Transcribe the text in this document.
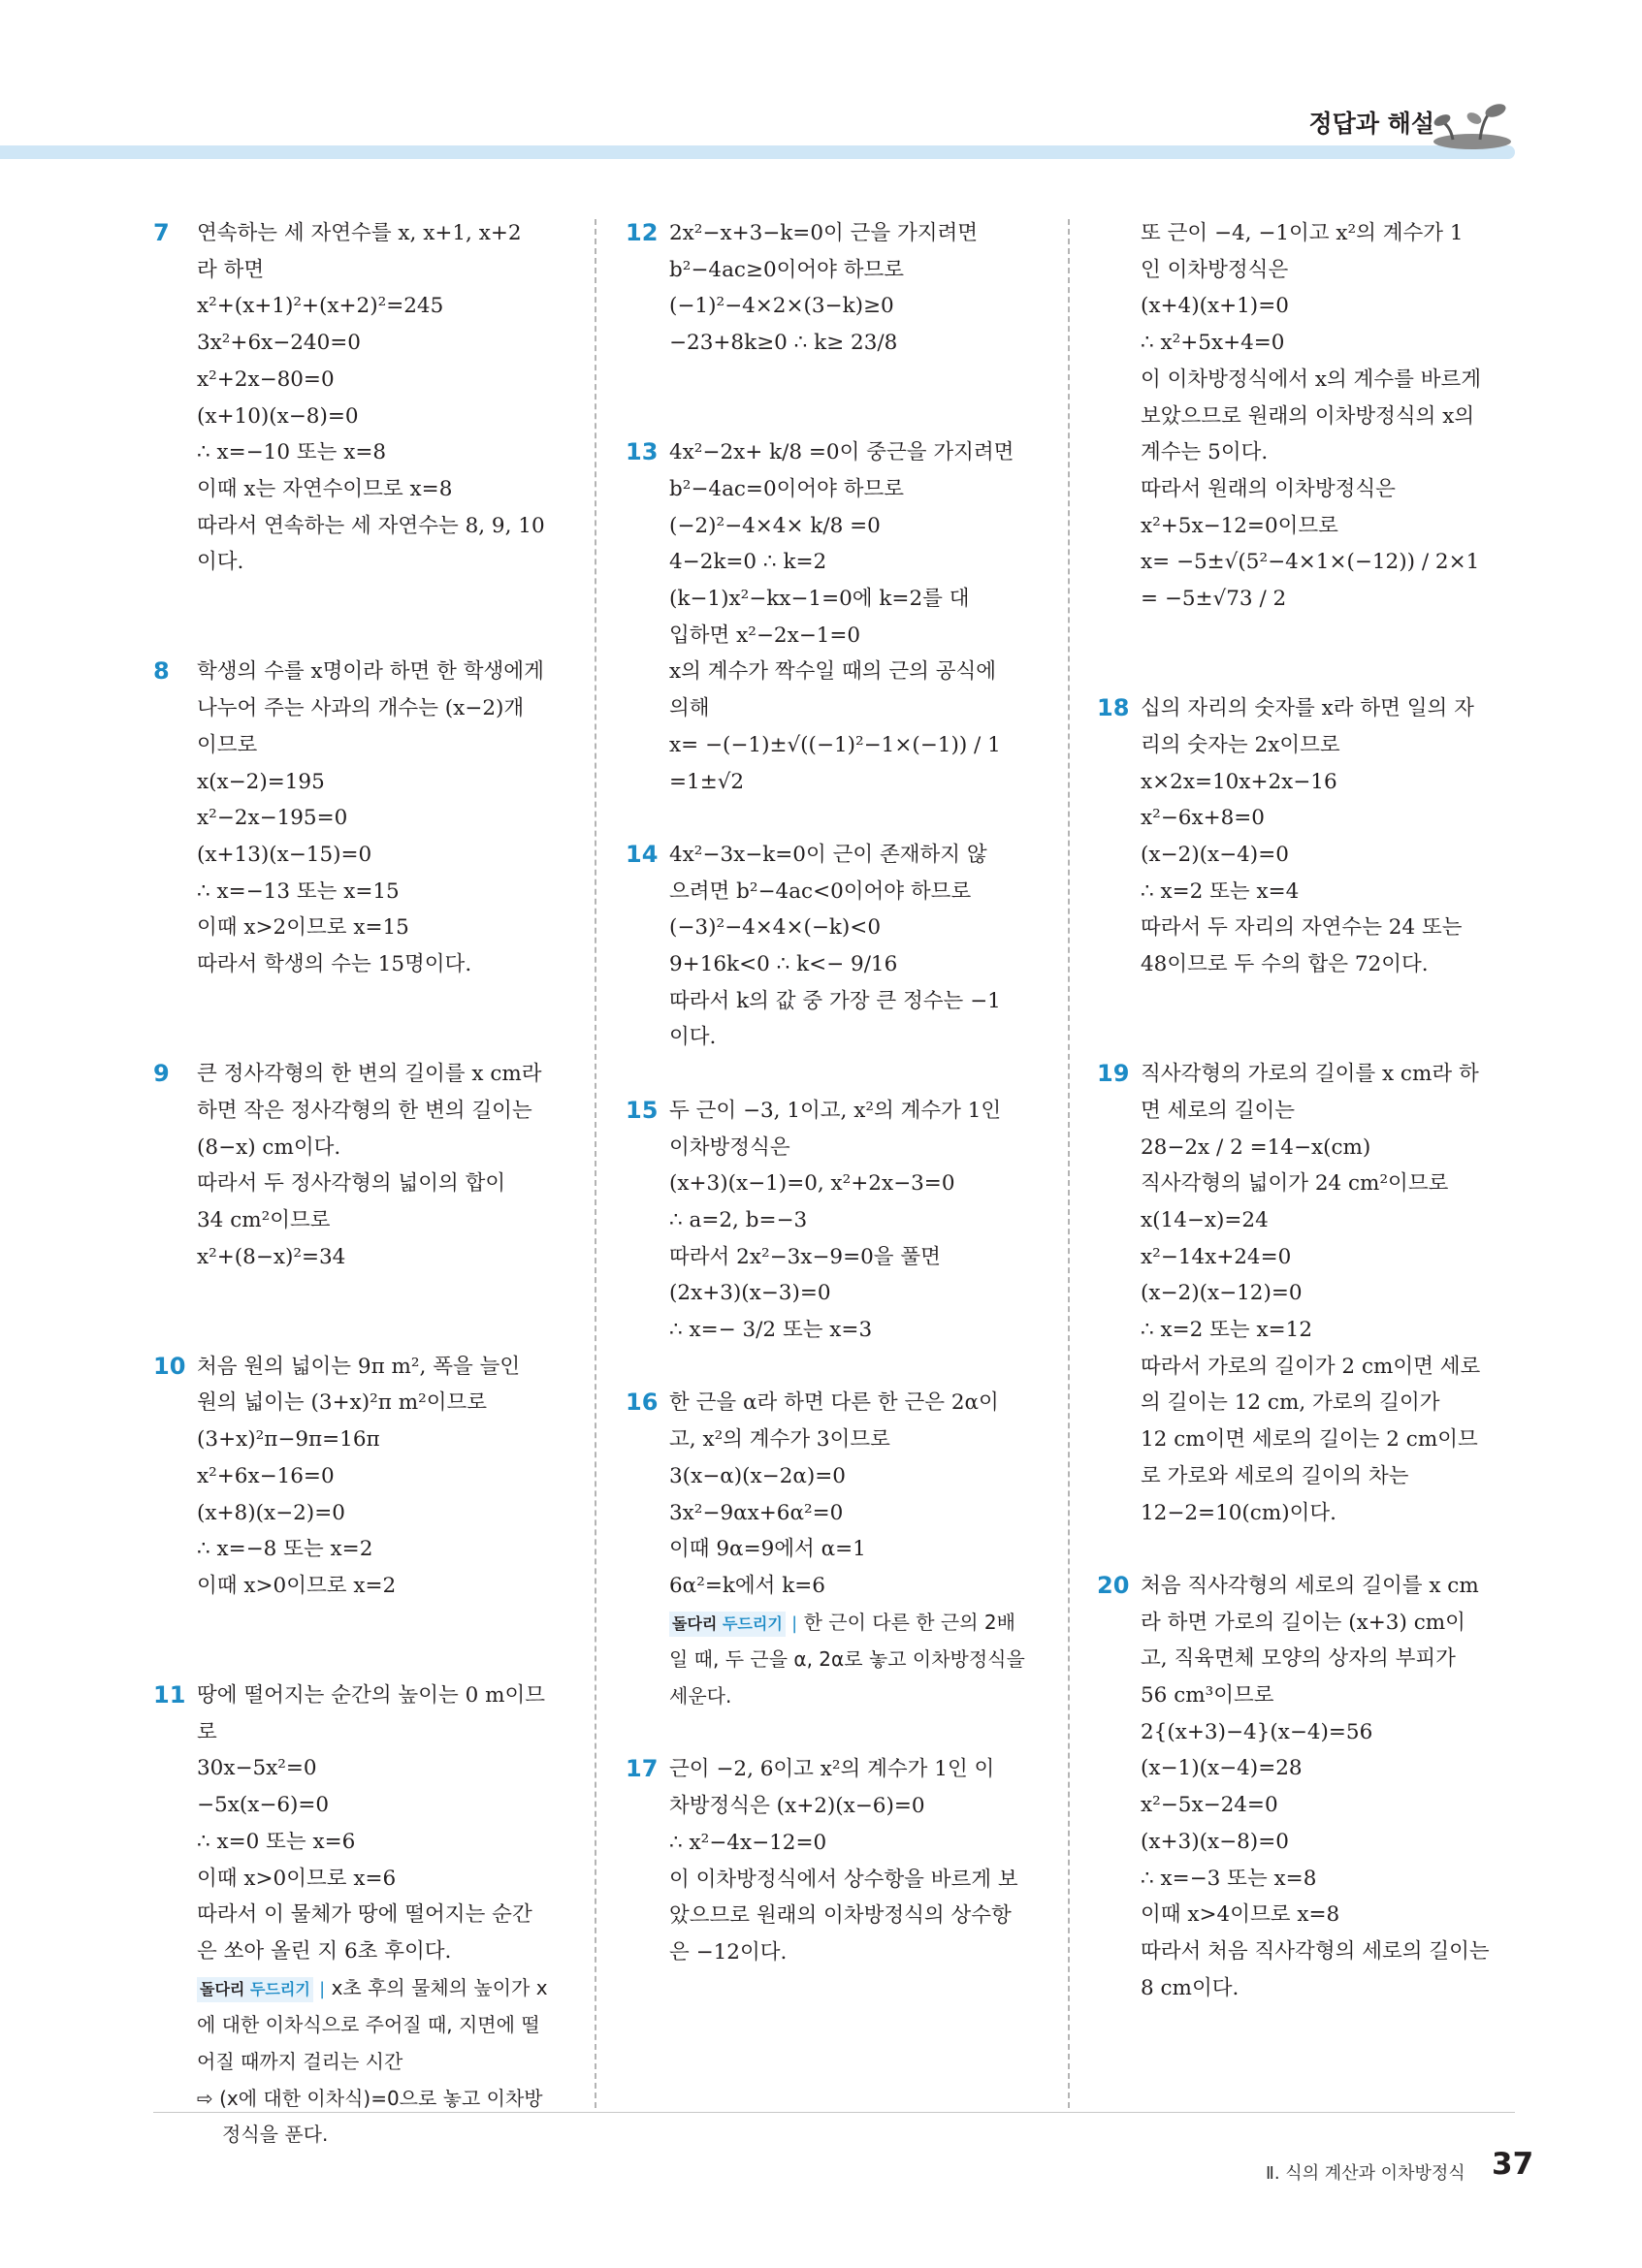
정답과 해설
7 연속하는 세 자연수를 x, x+1, x+2
라 하면
x²+(x+1)²+(x+2)²=245
3x²+6x−240=0
x²+2x−80=0
(x+10)(x−8)=0
∴ x=−10 또는 x=8
이때 x는 자연수이므로 x=8
따라서 연속하는 세 자연수는 8, 9, 10
이다.
8 학생의 수를 x명이라 하면 한 학생에게
나누어 주는 사과의 개수는 (x−2)개
이므로
x(x−2)=195
x²−2x−195=0
(x+13)(x−15)=0
∴ x=−13 또는 x=15
이때 x>2이므로 x=15
따라서 학생의 수는 15명이다.
9 큰 정사각형의 한 변의 길이를 x cm라
하면 작은 정사각형의 한 변의 길이는
(8−x) cm이다.
따라서 두 정사각형의 넓이의 합이
34 cm²이므로
x²+(8−x)²=34
10 처음 원의 넓이는 9π m², 폭을 늘인
원의 넓이는 (3+x)²π m²이므로
(3+x)²π−9π=16π
x²+6x−16=0
(x+8)(x−2)=0
∴ x=−8 또는 x=2
이때 x>0이므로 x=2
11 땅에 떨어지는 순간의 높이는 0 m이므
로
30x−5x²=0
−5x(x−6)=0
∴ x=0 또는 x=6
이때 x>0이므로 x=6
따라서 이 물체가 땅에 떨어지는 순간
은 쏘아 올린 지 6초 후이다.
돌다리 두드리기 | x초 후의 물체의 높이가 x
에 대한 이차식으로 주어질 때, 지면에 떨
어질 때까지 걸리는 시간
⇨ (x에 대한 이차식)=0으로 놓고 이차방
정식을 푼다.
12 2x²−x+3−k=0이 근을 가지려면
b²−4ac≥0이어야 하므로
(−1)²−4×2×(3−k)≥0
−23+8k≥0 ∴ k≥ 23/8
13 4x²−2x+ k/8 =0이 중근을 가지려면
b²−4ac=0이어야 하므로
(−2)²−4×4× k/8 =0
4−2k=0 ∴ k=2
(k−1)x²−kx−1=0에 k=2를 대
입하면 x²−2x−1=0
x의 계수가 짝수일 때의 근의 공식에
의해
x= −(−1)±√((−1)²−1×(−1)) / 1
=1±√2
14 4x²−3x−k=0이 근이 존재하지 않
으려면 b²−4ac<0이어야 하므로
(−3)²−4×4×(−k)<0
9+16k<0 ∴ k<− 9/16
따라서 k의 값 중 가장 큰 정수는 −1
이다.
15 두 근이 −3, 1이고, x²의 계수가 1인
이차방정식은
(x+3)(x−1)=0, x²+2x−3=0
∴ a=2, b=−3
따라서 2x²−3x−9=0을 풀면
(2x+3)(x−3)=0
∴ x=− 3/2 또는 x=3
16 한 근을 α라 하면 다른 한 근은 2α이
고, x²의 계수가 3이므로
3(x−α)(x−2α)=0
3x²−9αx+6α²=0
이때 9α=9에서 α=1
6α²=k에서 k=6
돌다리 두드리기 | 한 근이 다른 한 근의 2배
일 때, 두 근을 α, 2α로 놓고 이차방정식을
세운다.
17 근이 −2, 6이고 x²의 계수가 1인 이
차방정식은 (x+2)(x−6)=0
∴ x²−4x−12=0
이 이차방정식에서 상수항을 바르게 보
았으므로 원래의 이차방정식의 상수항
은 −12이다.
또 근이 −4, −1이고 x²의 계수가 1
인 이차방정식은
(x+4)(x+1)=0
∴ x²+5x+4=0
이 이차방정식에서 x의 계수를 바르게
보았으므로 원래의 이차방정식의 x의
계수는 5이다.
따라서 원래의 이차방정식은
x²+5x−12=0이므로
x= −5±√(5²−4×1×(−12)) / 2×1
= −5±√73 / 2
18 십의 자리의 숫자를 x라 하면 일의 자
리의 숫자는 2x이므로
x×2x=10x+2x−16
x²−6x+8=0
(x−2)(x−4)=0
∴ x=2 또는 x=4
따라서 두 자리의 자연수는 24 또는
48이므로 두 수의 합은 72이다.
19 직사각형의 가로의 길이를 x cm라 하
면 세로의 길이는
28−2x / 2 =14−x(cm)
직사각형의 넓이가 24 cm²이므로
x(14−x)=24
x²−14x+24=0
(x−2)(x−12)=0
∴ x=2 또는 x=12
따라서 가로의 길이가 2 cm이면 세로
의 길이는 12 cm, 가로의 길이가
12 cm이면 세로의 길이는 2 cm이므
로 가로와 세로의 길이의 차는
12−2=10(cm)이다.
20 처음 직사각형의 세로의 길이를 x cm
라 하면 가로의 길이는 (x+3) cm이
고, 직육면체 모양의 상자의 부피가
56 cm³이므로
2{(x+3)−4}(x−4)=56
(x−1)(x−4)=28
x²−5x−24=0
(x+3)(x−8)=0
∴ x=−3 또는 x=8
이때 x>4이므로 x=8
따라서 처음 직사각형의 세로의 길이는
8 cm이다.
Ⅱ. 식의 계산과 이차방정식 37
